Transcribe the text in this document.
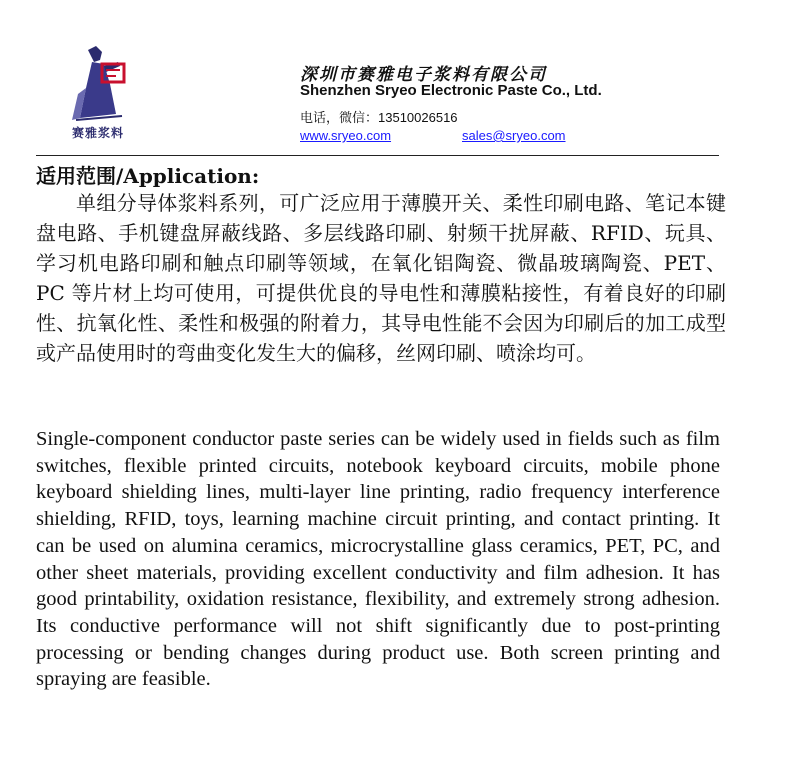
赛雅浆料
深圳市赛雅电子浆料有限公司
Shenzhen Sryeo Electronic Paste Co., Ltd.
电话，微信：13510026516
www.sryeo.com	sales@sryeo.com
适用范围/Application:
单组分导体浆料系列，可广泛应用于薄膜开关、柔性印刷电路、笔记本键盘电路、手机键盘屏蔽线路、多层线路印刷、射频干扰屏蔽、RFID、玩具、学习机电路印刷和触点印刷等领域，在氧化铝陶瓷、微晶玻璃陶瓷、PET、PC 等片材上均可使用，可提供优良的导电性和薄膜粘接性，有着良好的印刷性、抗氧化性、柔性和极强的附着力，其导电性能不会因为印刷后的加工成型或产品使用时的弯曲变化发生大的偏移，丝网印刷、喷涂均可。
Single-component conductor paste series can be widely used in fields such as film switches, flexible printed circuits, notebook keyboard circuits, mobile phone keyboard shielding lines, multi-layer line printing, radio frequency interference shielding, RFID, toys, learning machine circuit printing, and contact printing. It can be used on alumina ceramics, microcrystalline glass ceramics, PET, PC, and other sheet materials, providing excellent conductivity and film adhesion. It has good printability, oxidation resistance, flexibility, and extremely strong adhesion. Its conductive performance will not shift significantly due to post-printing processing or bending changes during product use. Both screen printing and spraying are feasible.
